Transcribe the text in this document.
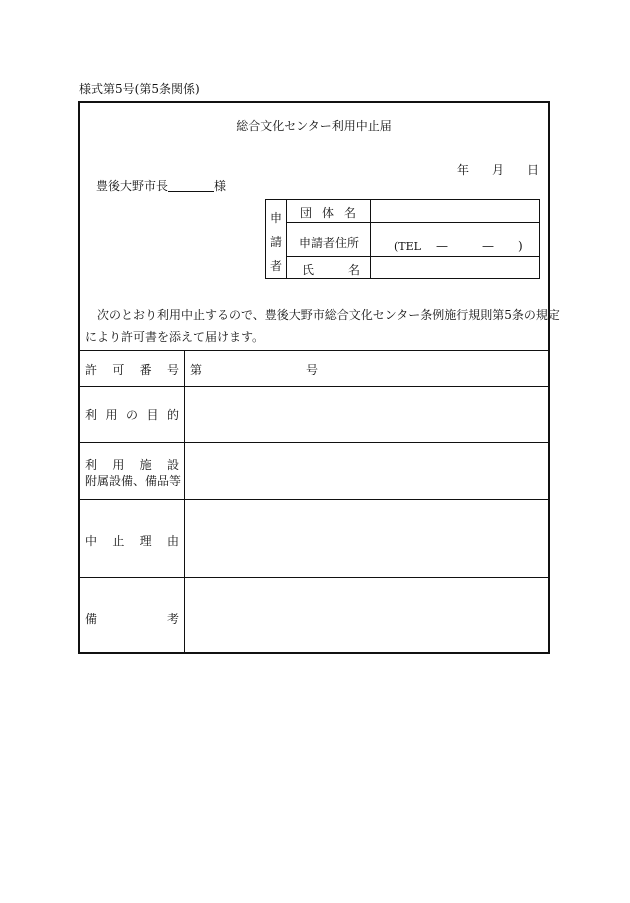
様式第5号(第5条関係)
総合文化センター利用中止届
年 月 日
豊後大野市長	様
申
請
者
団 体 名
申請者住所	(TEL —	— )
氏	名
次のとおり利用中止するので、豊後大野市総合文化センター条例施行規則第5条の規定
により許可書を添えて届けます。
許 可 番 号 第	号
利 用 の 目 的
利 用 施 設
附属設備、備品等
中 止 理 由
備	考
